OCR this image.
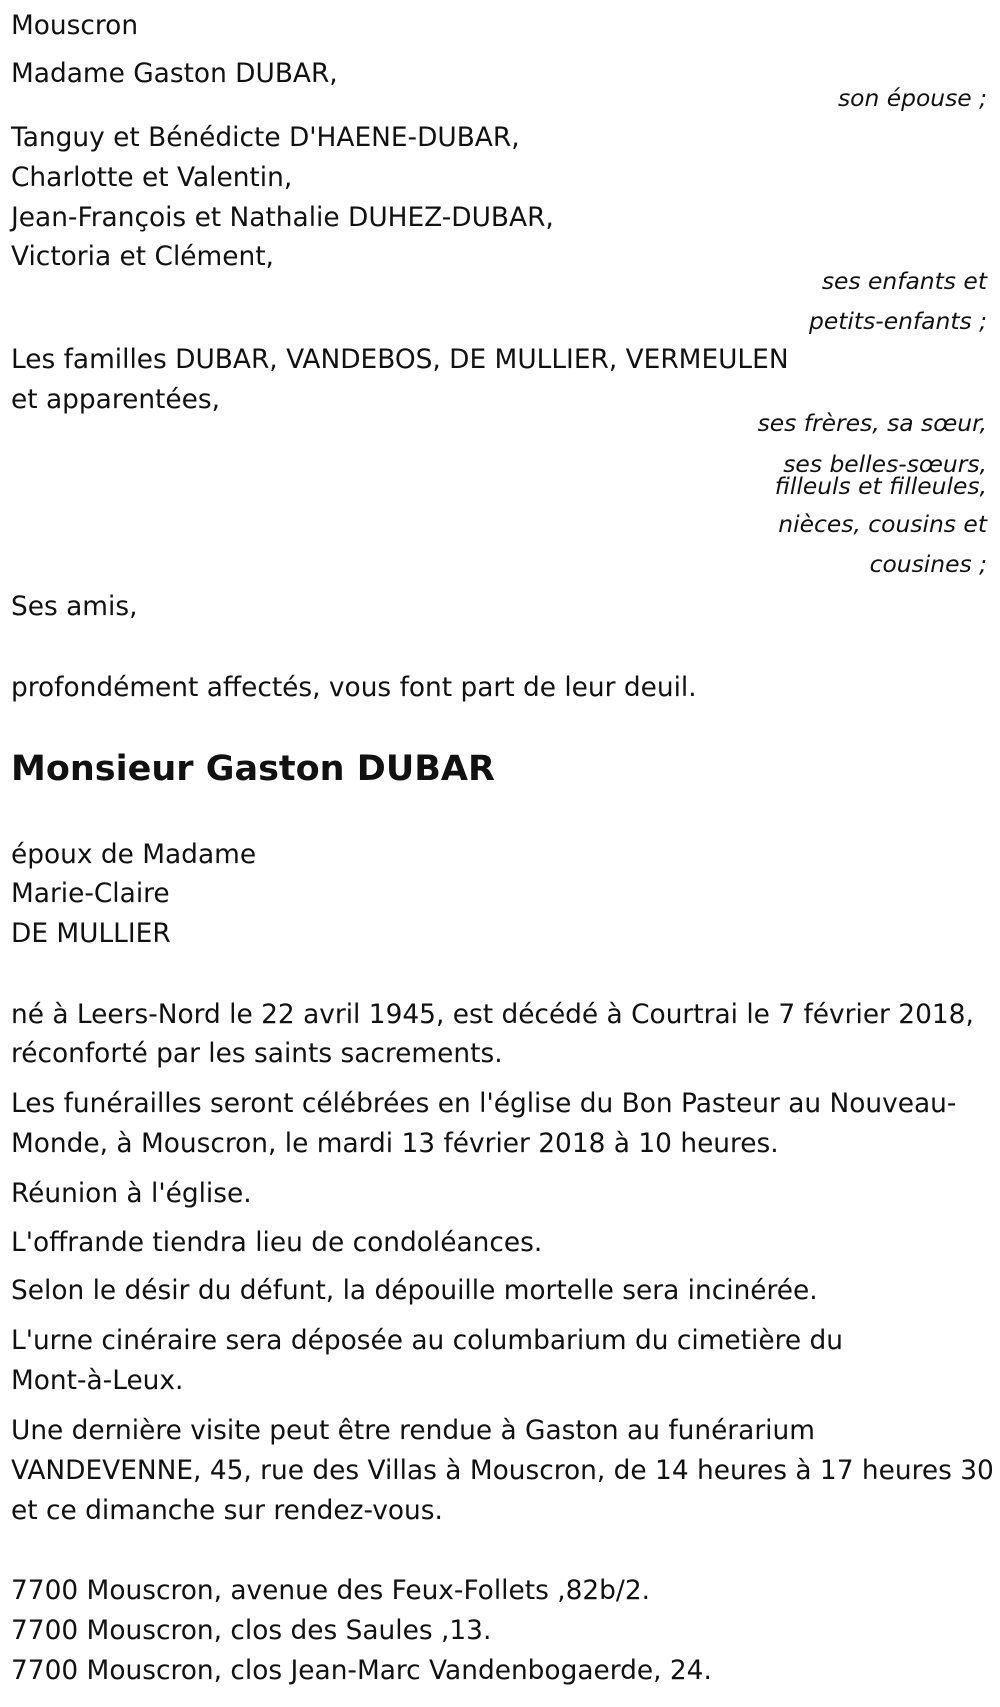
Mouscron
Madame Gaston DUBAR,
son épouse ;
Tanguy et Bénédicte D'HAENE-DUBAR,
Charlotte et Valentin,
Jean-François et Nathalie DUHEZ-DUBAR,
Victoria et Clément,
ses enfants et
petits-enfants ;
Les familles DUBAR, VANDEBOS, DE MULLIER, VERMEULEN
et apparentées,
ses frères, sa sœur,
ses belles-sœurs,
filleuls et filleules,
nièces, cousins et
cousines ;
Ses amis,
profondément affectés, vous font part de leur deuil.
Monsieur Gaston DUBAR
époux de Madame
Marie-Claire
DE MULLIER
né à Leers-Nord le 22 avril 1945, est décédé à Courtrai le 7 février 2018,
réconforté par les saints sacrements.
Les funérailles seront célébrées en l'église du Bon Pasteur au Nouveau-
Monde, à Mouscron, le mardi 13 février 2018 à 10 heures.
Réunion à l'église.
L'offrande tiendra lieu de condoléances.
Selon le désir du défunt, la dépouille mortelle sera incinérée.
L'urne cinéraire sera déposée au columbarium du cimetière du
Mont-à-Leux.
Une dernière visite peut être rendue à Gaston au funérarium
VANDEVENNE, 45, rue des Villas à Mouscron, de 14 heures à 17 heures 30
et ce dimanche sur rendez-vous.
7700 Mouscron, avenue des Feux-Follets ,82b/2.
7700 Mouscron, clos des Saules ,13.
7700 Mouscron, clos Jean-Marc Vandenbogaerde, 24.
